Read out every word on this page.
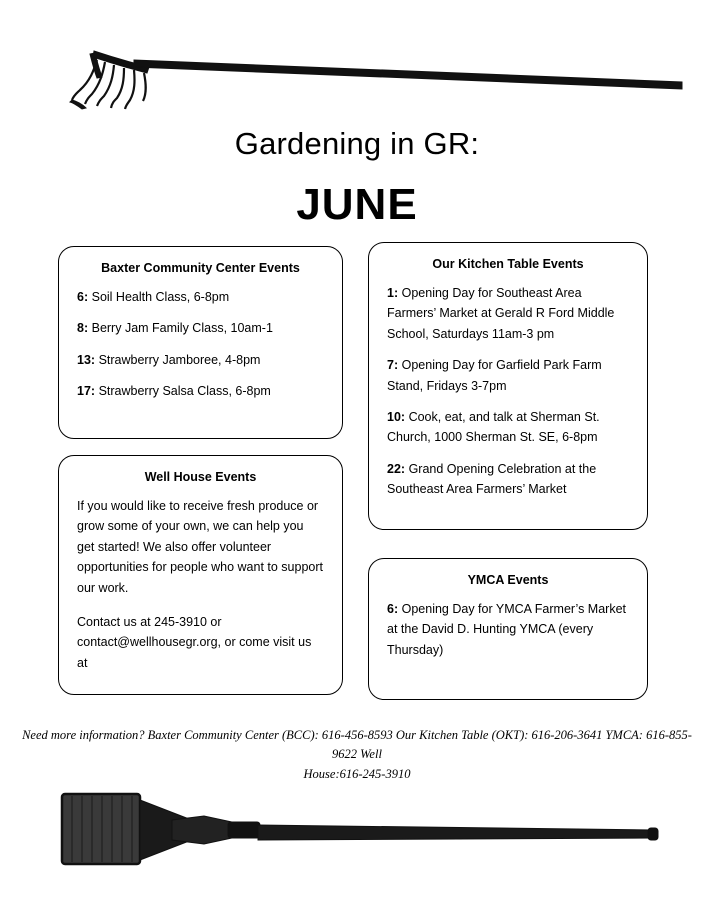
Gardening in GR:
JUNE
Baxter Community Center Events
6: Soil Health Class, 6-8pm
8: Berry Jam Family Class, 10am-1
13: Strawberry Jamboree, 4-8pm
17: Strawberry Salsa Class, 6-8pm
Well House Events

If you would like to receive fresh produce or grow some of your own, we can help you get started! We also offer volunteer opportunities for people who want to support our work.

Contact us at 245-3910 or contact@wellhousegr.org, or come visit us at

Our Kitchen Table Events
1: Opening Day for Southeast Area Farmers’ Market at Gerald R Ford Middle School, Saturdays 11am-3 pm
7: Opening Day for Garfield Park Farm Stand, Fridays 3-7pm
10: Cook, eat, and talk at Sherman St. Church, 1000 Sherman St. SE, 6-8pm
22: Grand Opening Celebration at the Southeast Area Farmers’ Market
YMCA Events
6: Opening Day for YMCA Farmer’s Market at the David D. Hunting YMCA (every Thursday)
Need more information? Baxter Community Center (BCC): 616-456-8593 Our Kitchen Table (OKT): 616-206-3641 YMCA: 616-855-9622 Well
House:616-245-3910
